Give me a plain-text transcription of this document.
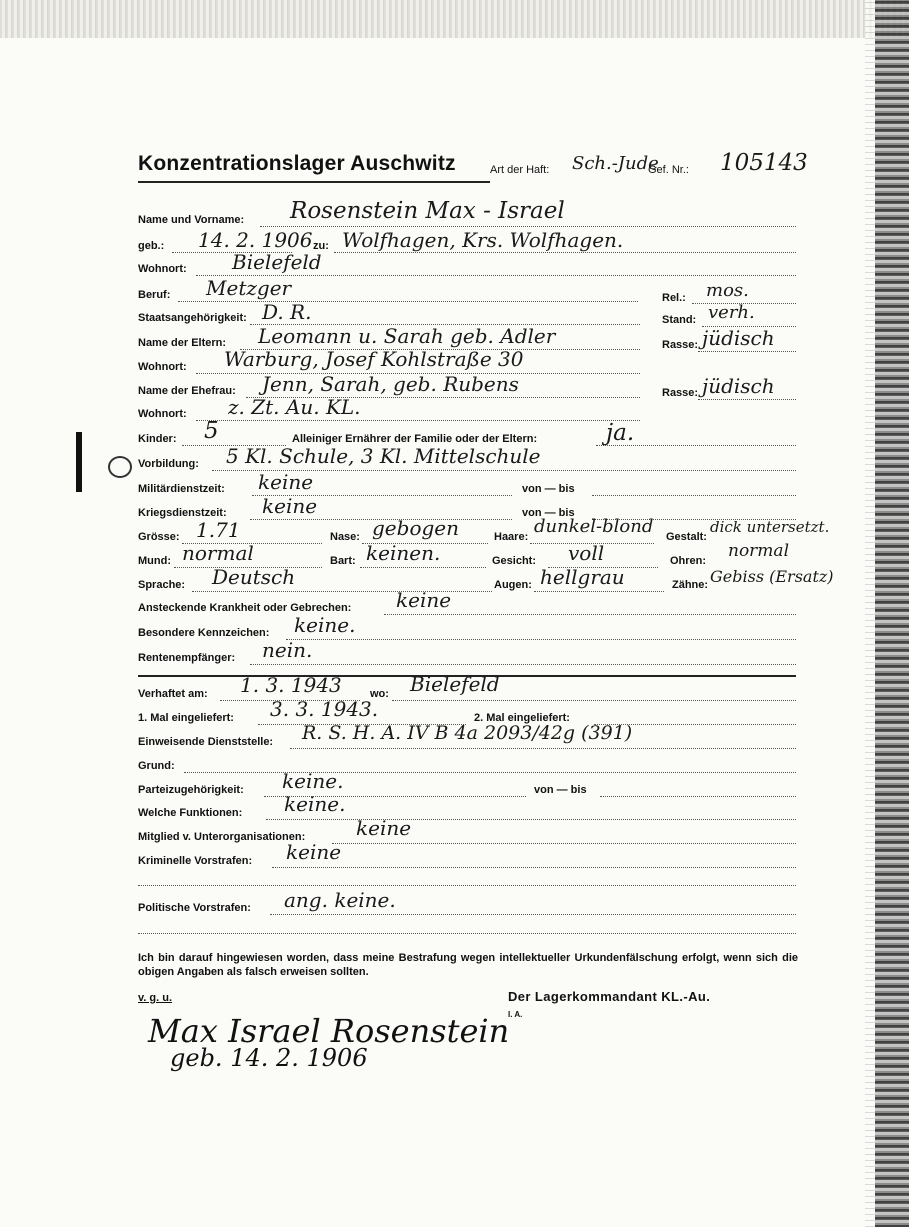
Konzentrationslager Auschwitz	Art der Haft: Sch.-Jude
Gef. Nr.: 105143
Name und Vorname: Rosenstein Max - Israel
geb.: 14. 2. 1906 zu: Wolfhagen, Krs. Wolfhagen.
Wohnort: Bielefeld
Beruf: Metzger	Rel.: mos.
Staatsangehörigkeit: D. R.	Stand: verh.
Name der Eltern: Leomann u. Sarah geb. Adler	Rasse: jüdisch
Wohnort: Warburg, Josef Kohlstraße 30
Name der Ehefrau: Jenn, Sarah, geb. Rubens	Rasse: jüdisch
Wohnort: z. Zt. Au. KL.
Kinder: 5	Alleiniger Ernährer der Familie oder der Eltern:	ja.
Vorbildung: 5 Kl. Schule, 3 Kl. Mittelschule
Militärdienstzeit: keine	von — bis
Kriegsdienstzeit: keine	von — bis
Grösse: 1.71	Nase: gebogen	Haare: dunkel-blond Gestalt:
dick untersetzt.
Mund: normal	Bart: keinen.	Gesicht: voll	Ohren: normal
Sprache: Deutsch	Augen: hellgrau	Zähne: Gebiss (Ersatz)
Ansteckende Krankheit oder Gebrechen: keine
Besondere Kennzeichen: keine.
Rentenempfänger: nein.
Verhaftet am: 1. 3. 1943	wo: Bielefeld
1. Mal eingeliefert: 3. 3. 1943.	2. Mal eingeliefert:
Einweisende Dienststelle: R. S. H. A. IV B 4a 2093/42g (391)
Grund:
Parteizugehörigkeit: keine.	von — bis
Welche Funktionen: keine.
Mitglied v. Unterorganisationen:	keine
Kriminelle Vorstrafen: keine
Politische Vorstrafen: ang. keine.
Ich bin darauf hingewiesen worden, dass meine Bestrafung wegen intellektueller Urkundenfälschung erfolgt, wenn sich die obigen Angaben als falsch erweisen sollten.
v. g. u.	Der Lagerkommandant KL.-Au.
I. A.
Max Israel Rosenstein
geb. 14. 2. 1906
